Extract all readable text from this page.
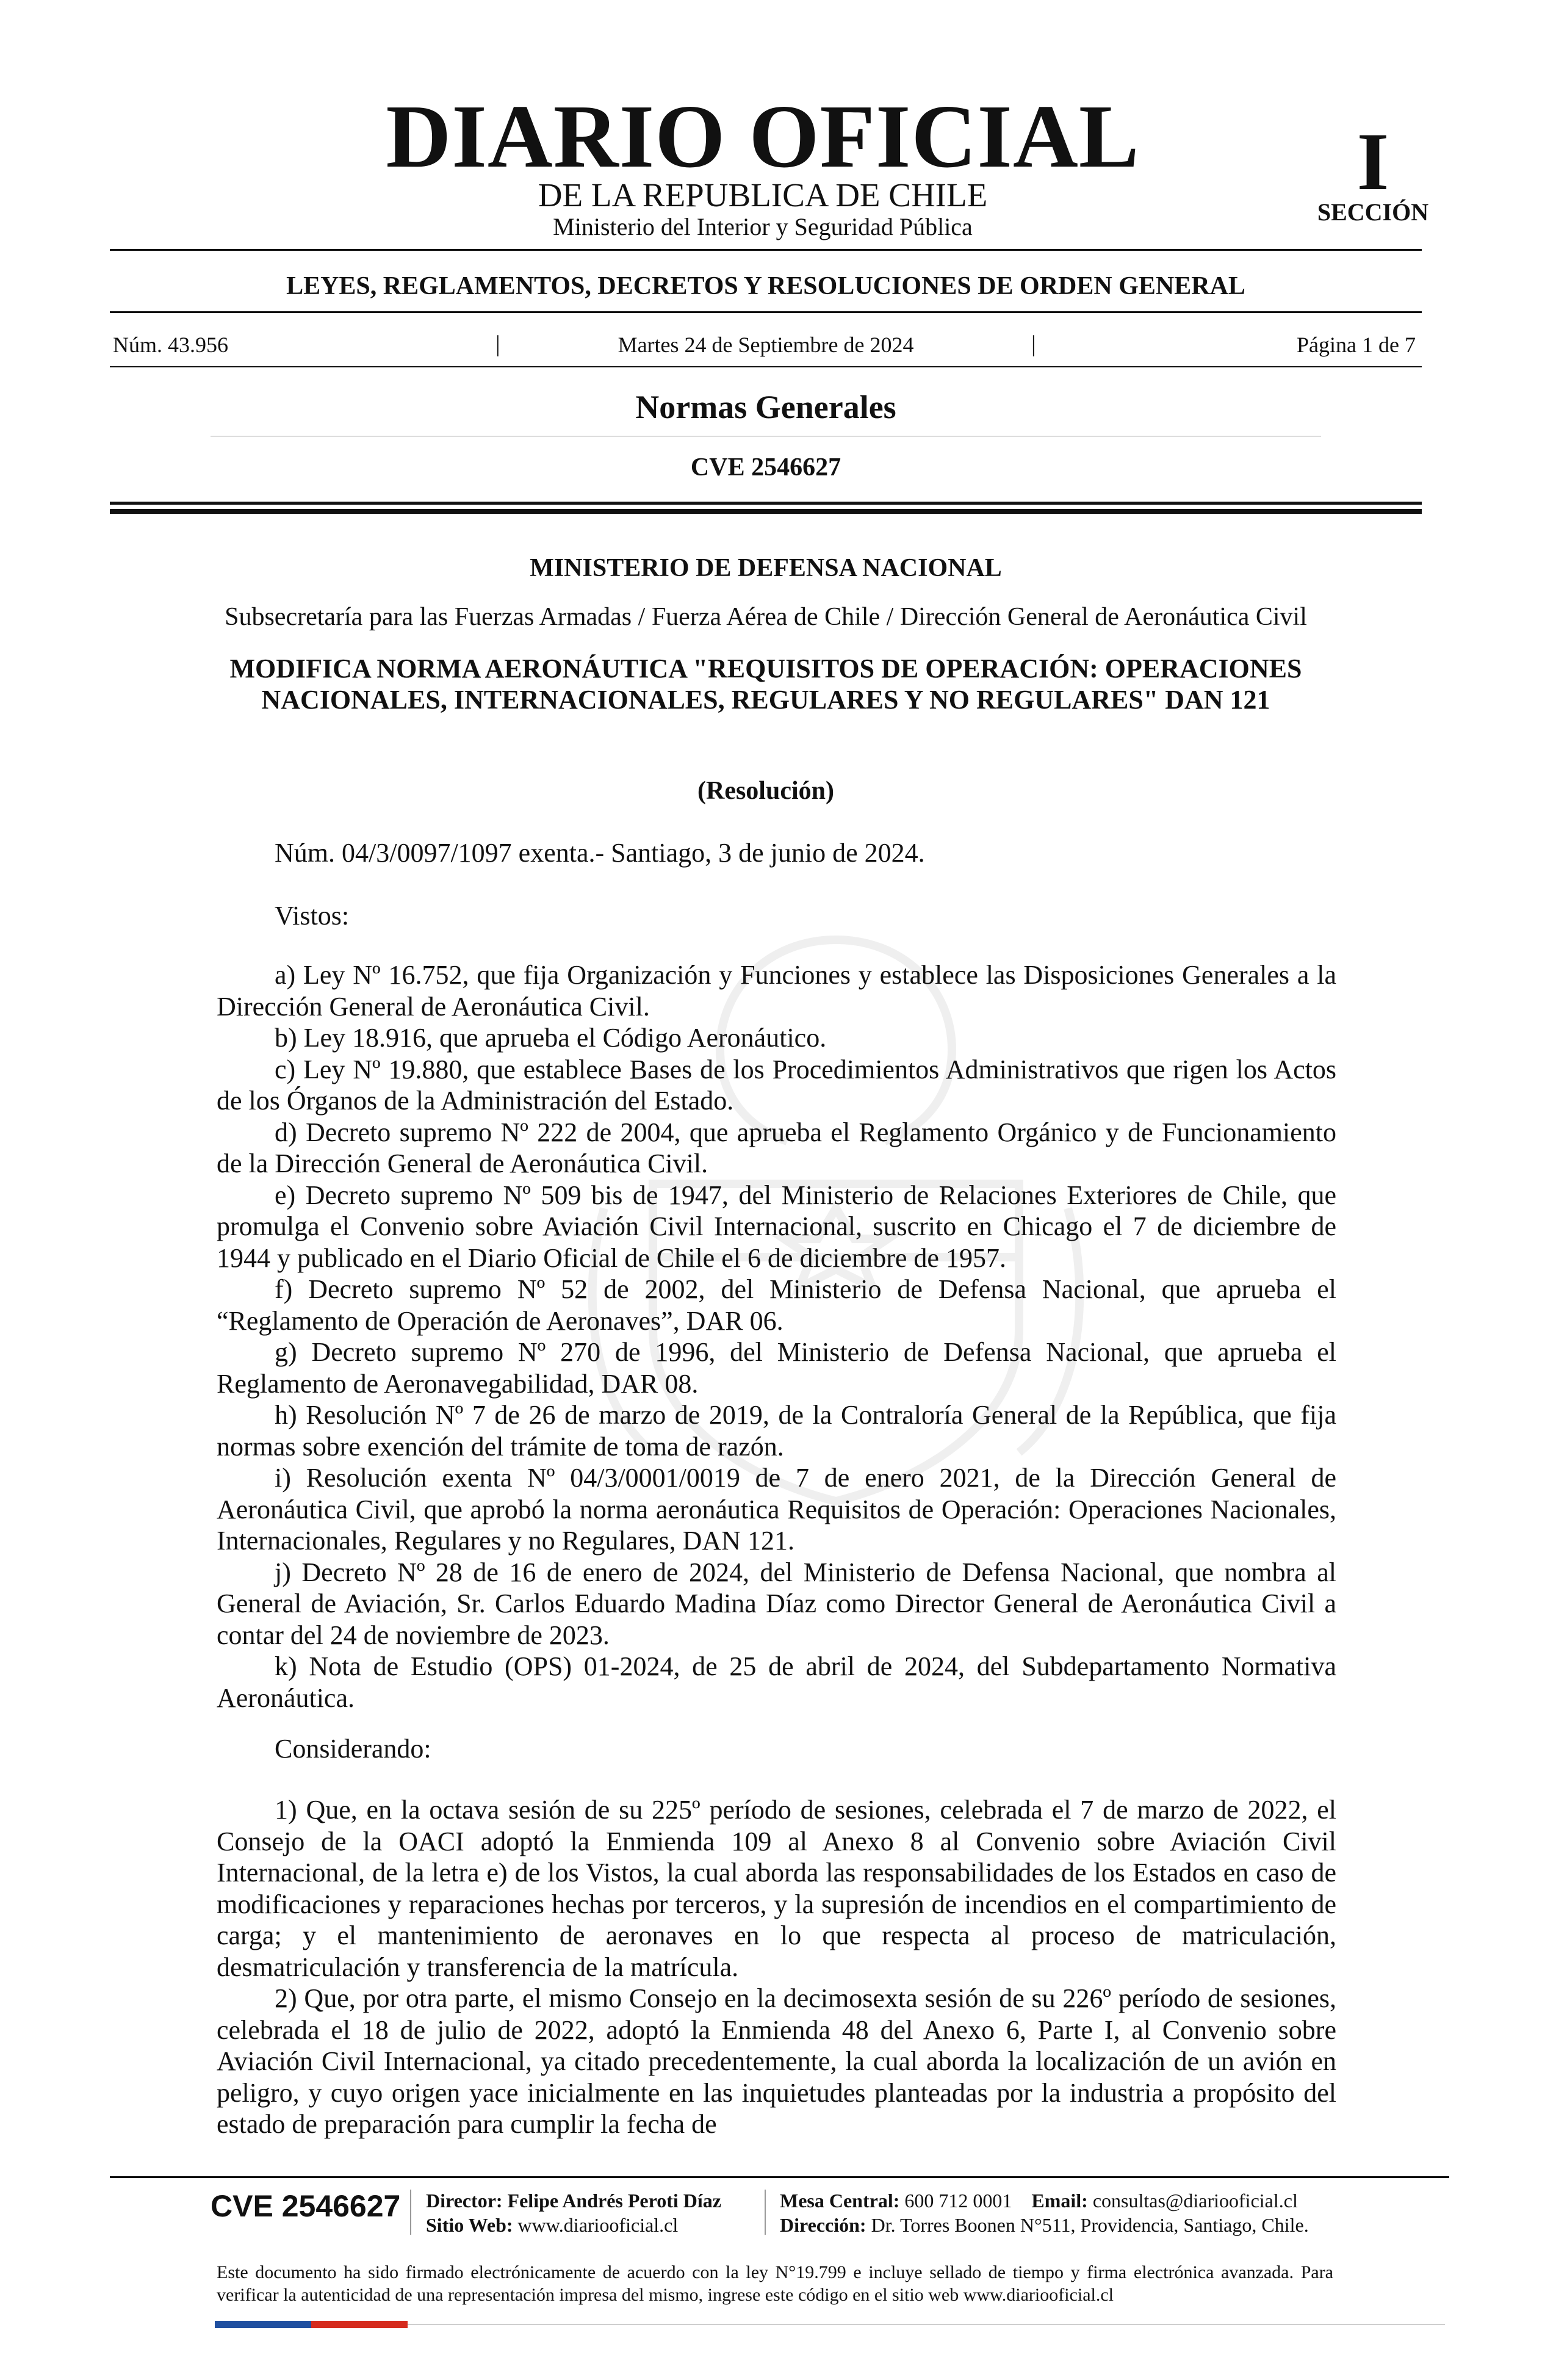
DIARIO OFICIAL
DE LA REPUBLICA DE CHILE
Ministerio del Interior y Seguridad Pública
I
SECCIÓN
LEYES, REGLAMENTOS, DECRETOS Y RESOLUCIONES DE ORDEN GENERAL
Núm. 43.956	|	Martes 24 de Septiembre de 2024	|	Página 1 de 7
Normas Generales
CVE 2546627
MINISTERIO DE DEFENSA NACIONAL
Subsecretaría para las Fuerzas Armadas / Fuerza Aérea de Chile / Dirección General de Aeronáutica Civil
MODIFICA NORMA AERONÁUTICA "REQUISITOS DE OPERACIÓN: OPERACIONES NACIONALES, INTERNACIONALES, REGULARES Y NO REGULARES" DAN 121
(Resolución)
Núm. 04/3/0097/1097 exenta.- Santiago, 3 de junio de 2024.
Vistos:

a) Ley Nº 16.752, que fija Organización y Funciones y establece las Disposiciones Generales a la Dirección General de Aeronáutica Civil.

b) Ley 18.916, que aprueba el Código Aeronáutico.

c) Ley Nº 19.880, que establece Bases de los Procedimientos Administrativos que rigen los Actos de los Órganos de la Administración del Estado.

d) Decreto supremo Nº 222 de 2004, que aprueba el Reglamento Orgánico y de Funcionamiento de la Dirección General de Aeronáutica Civil.

e) Decreto supremo Nº 509 bis de 1947, del Ministerio de Relaciones Exteriores de Chile, que promulga el Convenio sobre Aviación Civil Internacional, suscrito en Chicago el 7 de diciembre de 1944 y publicado en el Diario Oficial de Chile el 6 de diciembre de 1957.

f) Decreto supremo Nº 52 de 2002, del Ministerio de Defensa Nacional, que aprueba el “Reglamento de Operación de Aeronaves”, DAR 06.

g) Decreto supremo Nº 270 de 1996, del Ministerio de Defensa Nacional, que aprueba el Reglamento de Aeronavegabilidad, DAR 08.

h) Resolución Nº 7 de 26 de marzo de 2019, de la Contraloría General de la República, que fija normas sobre exención del trámite de toma de razón.

i) Resolución exenta Nº 04/3/0001/0019 de 7 de enero 2021, de la Dirección General de Aeronáutica Civil, que aprobó la norma aeronáutica Requisitos de Operación: Operaciones Nacionales, Internacionales, Regulares y no Regulares, DAN 121.

j) Decreto Nº 28 de 16 de enero de 2024, del Ministerio de Defensa Nacional, que nombra al General de Aviación, Sr. Carlos Eduardo Madina Díaz como Director General de Aeronáutica Civil a contar del 24 de noviembre de 2023.

k) Nota de Estudio (OPS) 01-2024, de 25 de abril de 2024, del Subdepartamento Normativa Aeronáutica.

Considerando:

1) Que, en la octava sesión de su 225º período de sesiones, celebrada el 7 de marzo de 2022, el Consejo de la OACI adoptó la Enmienda 109 al Anexo 8 al Convenio sobre Aviación Civil Internacional, de la letra e) de los Vistos, la cual aborda las responsabilidades de los Estados en caso de modificaciones y reparaciones hechas por terceros, y la supresión de incendios en el compartimiento de carga; y el mantenimiento de aeronaves en lo que respecta al proceso de matriculación, desmatriculación y transferencia de la matrícula.

2) Que, por otra parte, el mismo Consejo en la decimosexta sesión de su 226º período de sesiones, celebrada el 18 de julio de 2022, adoptó la Enmienda 48 del Anexo 6, Parte I, al Convenio sobre Aviación Civil Internacional, ya citado precedentemente, la cual aborda la localización de un avión en peligro, y cuyo origen yace inicialmente en las inquietudes planteadas por la industria a propósito del estado de preparación para cumplir la fecha de

CVE 2546627 Director: Felipe Andrés Peroti Díaz
Sitio Web: www.diariooficial.cl
Mesa Central: 600 712 0001 Email: consultas@diariooficial.cl
Dirección: Dr. Torres Boonen N°511, Providencia, Santiago, Chile.
Este documento ha sido firmado electrónicamente de acuerdo con la ley N°19.799 e incluye sellado de tiempo y firma electrónica avanzada. Para verificar la autenticidad de una representación impresa del mismo, ingrese este código en el sitio web www.diariooficial.cl
